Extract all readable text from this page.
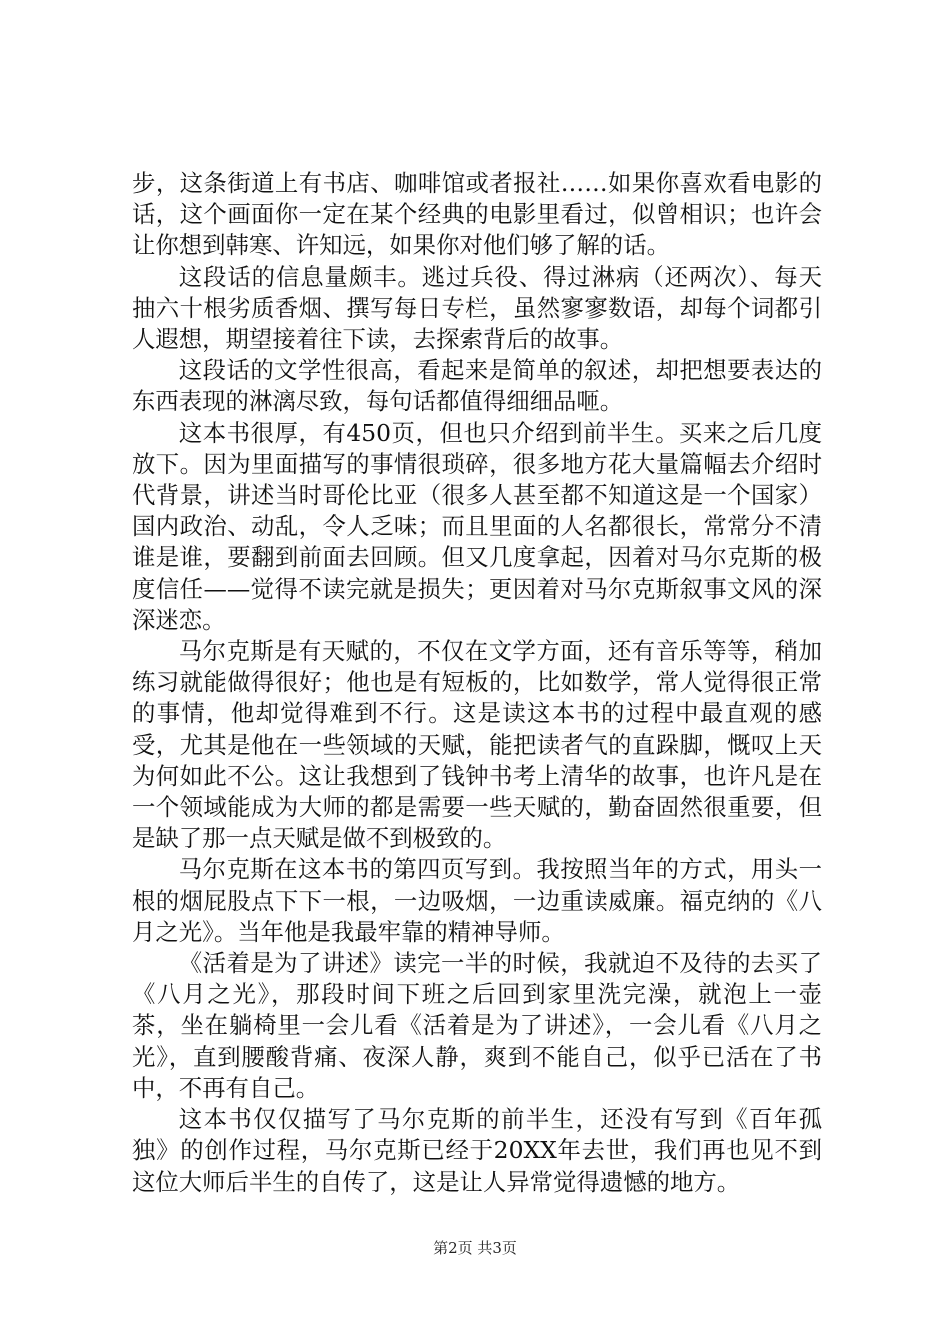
步，这条街道上有书店、咖啡馆或者报社……如果你喜欢看电影的话，这个画面你一定在某个经典的电影里看过，似曾相识；也许会让你想到韩寒、许知远，如果你对他们够了解的话。

这段话的信息量颇丰。逃过兵役、得过淋病（还两次）、每天抽六十根劣质香烟、撰写每日专栏，虽然寥寥数语，却每个词都引人遐想，期望接着往下读，去探索背后的故事。

这段话的文学性很高，看起来是简单的叙述，却把想要表达的东西表现的淋漓尽致，每句话都值得细细品咂。

这本书很厚，有450页，但也只介绍到前半生。买来之后几度放下。因为里面描写的事情很琐碎，很多地方花大量篇幅去介绍时代背景，讲述当时哥伦比亚（很多人甚至都不知道这是一个国家）国内政治、动乱，令人乏味；而且里面的人名都很长，常常分不清谁是谁，要翻到前面去回顾。但又几度拿起，因着对马尔克斯的极度信任——觉得不读完就是损失；更因着对马尔克斯叙事文风的深深迷恋。

马尔克斯是有天赋的，不仅在文学方面，还有音乐等等，稍加练习就能做得很好；他也是有短板的，比如数学，常人觉得很正常的事情，他却觉得难到不行。这是读这本书的过程中最直观的感受，尤其是他在一些领域的天赋，能把读者气的直跺脚，慨叹上天为何如此不公。这让我想到了钱钟书考上清华的故事，也许凡是在一个领域能成为大师的都是需要一些天赋的，勤奋固然很重要，但是缺了那一点天赋是做不到极致的。

马尔克斯在这本书的第四页写到。我按照当年的方式，用头一根的烟屁股点下下一根，一边吸烟，一边重读威廉。福克纳的《八月之光》。当年他是我最牢靠的精神导师。

《活着是为了讲述》读完一半的时候，我就迫不及待的去买了《八月之光》，那段时间下班之后回到家里洗完澡，就泡上一壶茶，坐在躺椅里一会儿看《活着是为了讲述》，一会儿看《八月之光》，直到腰酸背痛、夜深人静，爽到不能自己，似乎已活在了书中，不再有自己。

这本书仅仅描写了马尔克斯的前半生，还没有写到《百年孤独》的创作过程，马尔克斯已经于20XX年去世，我们再也见不到这位大师后半生的自传了，这是让人异常觉得遗憾的地方。

第2页 共3页
